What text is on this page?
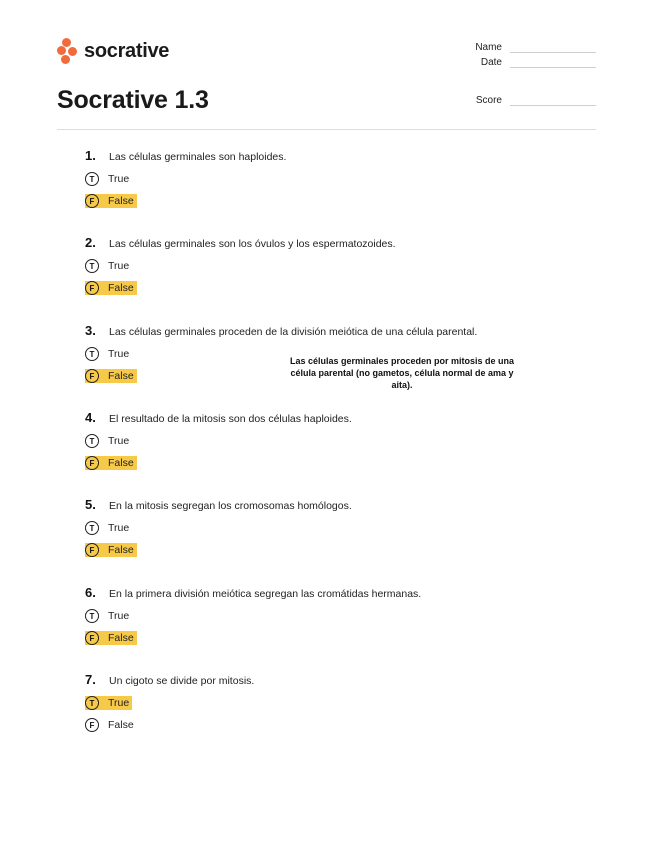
socrative	Name
Date
Score
Socrative 1.3
1.	Las células germinales son haploides.
T	True
F	False
2.	Las células germinales son los óvulos y los espermatozoides.
T	True
F	False
3.	Las células germinales proceden de la división meiótica de una célula parental.
T	True
F	False
4.	El resultado de la mitosis son dos células haploides.
T	True
F	False
5.	En la mitosis segregan los cromosomas homólogos.
T	True
F	False
6.	En la primera división meiótica segregan las cromátidas hermanas.
T	True
F	False
7.	Un cigoto se divide por mitosis.
T	True
F	False
Las células germinales proceden por mitosis de una célula parental (no gametos, célula normal de ama y aita).
